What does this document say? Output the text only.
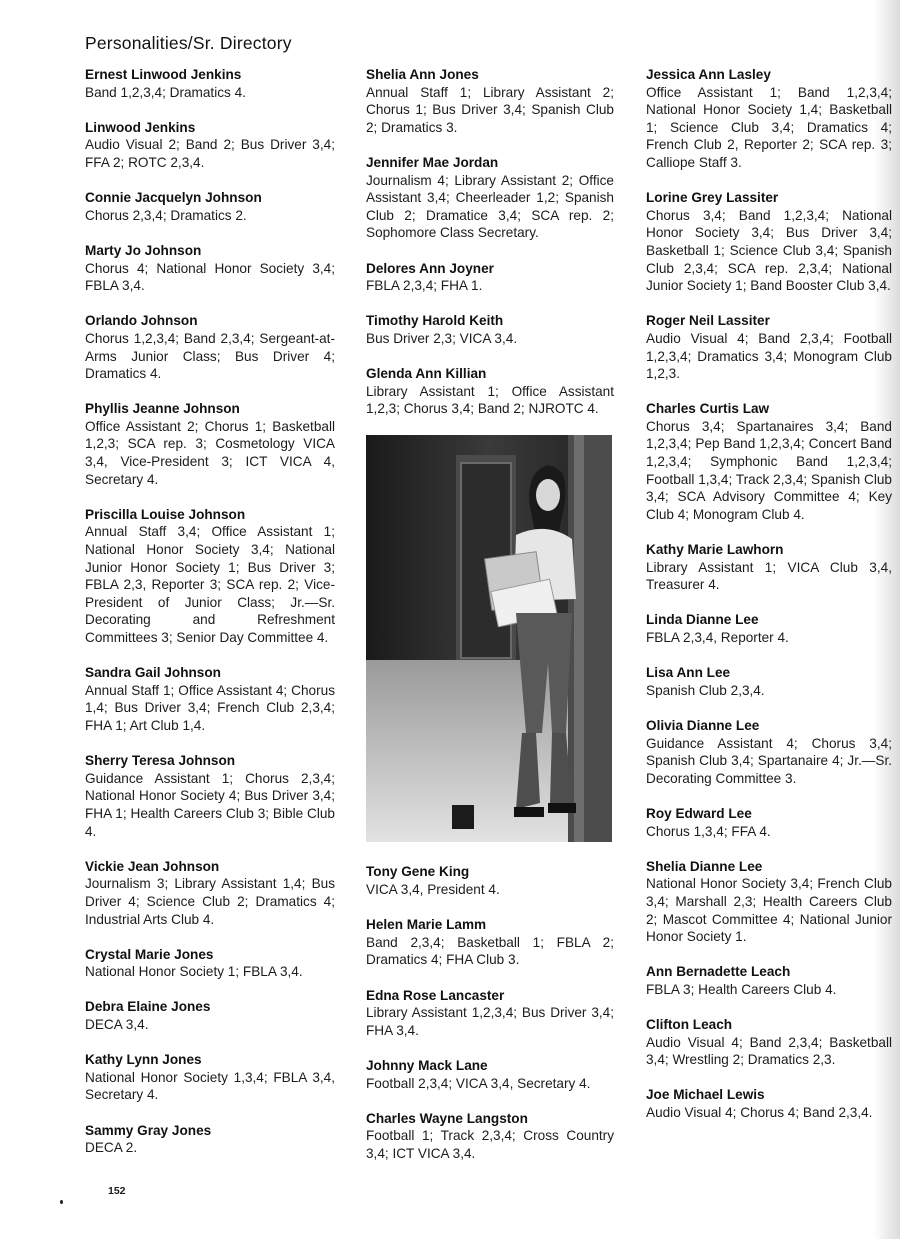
Personalities/Sr. Directory
Ernest Linwood Jenkins
Band 1,2,3,4; Dramatics 4.
Linwood Jenkins
Audio Visual 2; Band 2; Bus Driver 3,4; FFA 2; ROTC 2,3,4.
Connie Jacquelyn Johnson
Chorus 2,3,4; Dramatics 2.
Marty Jo Johnson
Chorus 4; National Honor Society 3,4; FBLA 3,4.
Orlando Johnson
Chorus 1,2,3,4; Band 2,3,4; Sergeant-at-Arms Junior Class; Bus Driver 4; Dramatics 4.
Phyllis Jeanne Johnson
Office Assistant 2; Chorus 1; Basketball 1,2,3; SCA rep. 3; Cosmetology VICA 3,4, Vice-President 3; ICT VICA 4, Secretary 4.
Priscilla Louise Johnson
Annual Staff 3,4; Office Assistant 1; National Honor Society 3,4; National Junior Honor Society 1; Bus Driver 3; FBLA 2,3, Reporter 3; SCA rep. 2; Vice-President of Junior Class; Jr.—Sr. Decorating and Refreshment Committees 3; Senior Day Committee 4.
Sandra Gail Johnson
Annual Staff 1; Office Assistant 4; Chorus 1,4; Bus Driver 3,4; French Club 2,3,4; FHA 1; Art Club 1,4.
Sherry Teresa Johnson
Guidance Assistant 1; Chorus 2,3,4; National Honor Society 4; Bus Driver 3,4; FHA 1; Health Careers Club 3; Bible Club 4.
Vickie Jean Johnson
Journalism 3; Library Assistant 1,4; Bus Driver 4; Science Club 2; Dramatics 4; Industrial Arts Club 4.
Crystal Marie Jones
National Honor Society 1; FBLA 3,4.
Debra Elaine Jones
DECA 3,4.
Kathy Lynn Jones
National Honor Society 1,3,4; FBLA 3,4, Secretary 4.
Sammy Gray Jones
DECA 2.
Shelia Ann Jones
Annual Staff 1; Library Assistant 2; Chorus 1; Bus Driver 3,4; Spanish Club 2; Dramatics 3.
Jennifer Mae Jordan
Journalism 4; Library Assistant 2; Office Assistant 3,4; Cheerleader 1,2; Spanish Club 2; Dramatice 3,4; SCA rep. 2; Sophomore Class Secretary.
Delores Ann Joyner
FBLA 2,3,4; FHA 1.
Timothy Harold Keith
Bus Driver 2,3; VICA 3,4.
Glenda Ann Killian
Library Assistant 1; Office Assistant 1,2,3; Chorus 3,4; Band 2; NJROTC 4.
Tony Gene King
VICA 3,4, President 4.
Helen Marie Lamm
Band 2,3,4; Basketball 1; FBLA 2; Dramatics 4; FHA Club 3.
Edna Rose Lancaster
Library Assistant 1,2,3,4; Bus Driver 3,4; FHA 3,4.
Johnny Mack Lane
Football 2,3,4; VICA 3,4, Secretary 4.
Charles Wayne Langston
Football 1; Track 2,3,4; Cross Country 3,4; ICT VICA 3,4.
Jessica Ann Lasley
Office Assistant 1; Band 1,2,3,4; National Honor Society 1,4; Basketball 1; Science Club 3,4; Dramatics 4; French Club 2, Reporter 2; SCA rep. 3; Calliope Staff 3.
Lorine Grey Lassiter
Chorus 3,4; Band 1,2,3,4; National Honor Society 3,4; Bus Driver 3,4; Basketball 1; Science Club 3,4; Spanish Club 2,3,4; SCA rep. 2,3,4; National Junior Society 1; Band Booster Club 3,4.
Roger Neil Lassiter
Audio Visual 4; Band 2,3,4; Football 1,2,3,4; Dramatics 3,4; Monogram Club 1,2,3.
Charles Curtis Law
Chorus 3,4; Spartanaires 3,4; Band 1,2,3,4; Pep Band 1,2,3,4; Concert Band 1,2,3,4; Symphonic Band 1,2,3,4; Football 1,3,4; Track 2,3,4; Spanish Club 3,4; SCA Advisory Committee 4; Key Club 4; Monogram Club 4.
Kathy Marie Lawhorn
Library Assistant 1; VICA Club 3,4, Treasurer 4.
Linda Dianne Lee
FBLA 2,3,4, Reporter 4.
Lisa Ann Lee
Spanish Club 2,3,4.
Olivia Dianne Lee
Guidance Assistant 4; Chorus 3,4; Spanish Club 3,4; Spartanaire 4; Jr.—Sr. Decorating Committee 3.
Roy Edward Lee
Chorus 1,3,4; FFA 4.
Shelia Dianne Lee
National Honor Society 3,4; French Club 3,4; Marshall 2,3; Health Careers Club 2; Mascot Committee 4; National Junior Honor Society 1.
Ann Bernadette Leach
FBLA 3; Health Careers Club 4.
Clifton Leach
Audio Visual 4; Band 2,3,4; Basketball 3,4; Wrestling 2; Dramatics 2,3.
Joe Michael Lewis
Audio Visual 4; Chorus 4; Band 2,3,4.
152
